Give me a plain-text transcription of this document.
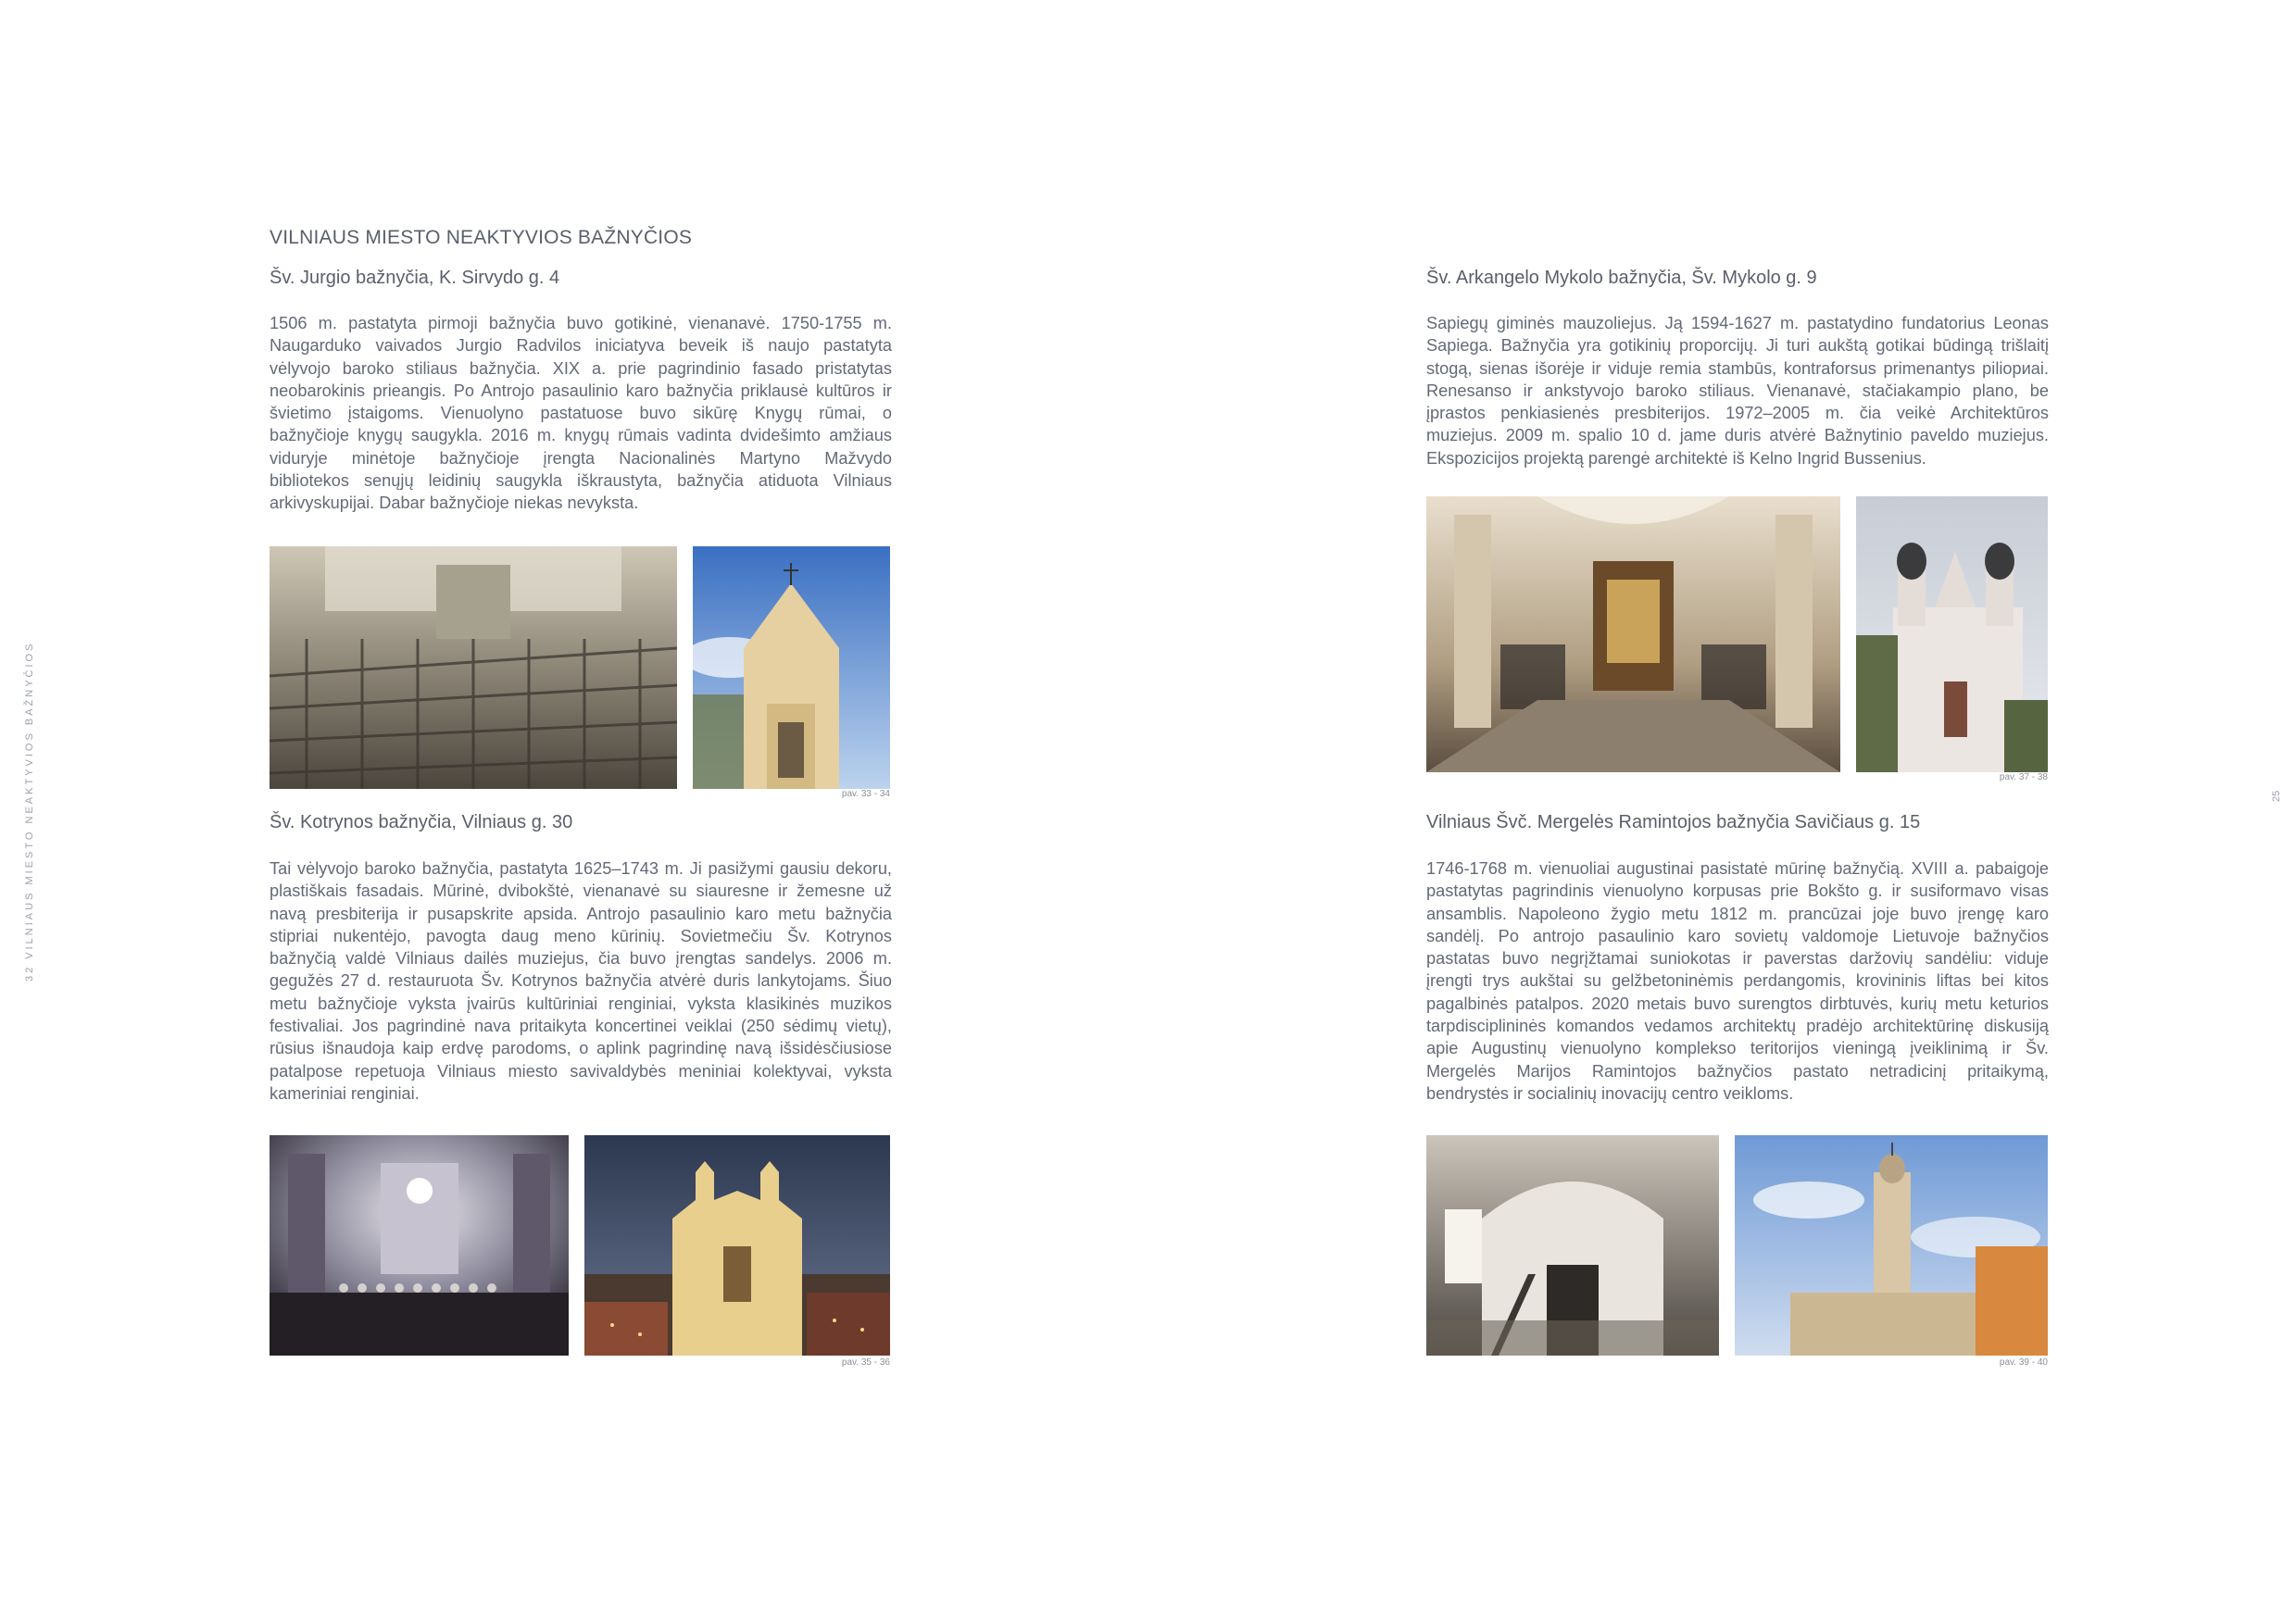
32 VILNIAUS MIESTO NEAKTYVIOS BAŽNYČIOS	25
VILNIAUS MIESTO NEAKTYVIOS BAŽNYČIOS
Šv. Jurgio bažnyčia, K. Sirvydo g. 4
1506 m. pastatyta pirmoji bažnyčia buvo gotikinė, vienanavė. 1750-1755 m.
Naugarduko vaivados Jurgio Radvilos iniciatyva beveik iš naujo pastatyta
vėlyvojo baroko stiliaus bažnyčia. XIX a. prie pagrindinio fasado pristatytas
neobarokinis prieangis. Po Antrojo pasaulinio karo bažnyčia priklausė kultūros ir
švietimo įstaigoms. Vienuolyno pastatuose buvo sikūrę Knygų rūmai, o
bažnyčioje knygų saugykla. 2016 m. knygų rūmais vadinta dvidešimto amžiaus
viduryje minėtoje bažnyčioje įrengta Nacionalinės Martyno Mažvydo
bibliotekos senųjų leidinių saugykla iškraustyta, bažnyčia atiduota Vilniaus
arkivyskupijai. Dabar bažnyčioje niekas nevyksta.
pav. 33 - 34
Šv. Kotrynos bažnyčia, Vilniaus g. 30
Tai vėlyvojo baroko bažnyčia, pastatyta 1625–1743 m. Ji pasižymi gausiu dekoru,
plastiškais fasadais. Mūrinė, dvibokštė, vienanavė su siauresne ir žemesne už
navą presbiterija ir pusapskrite apsida. Antrojo pasaulinio karo metu bažnyčia
stipriai nukentėjo, pavogta daug meno kūrinių. Sovietmečiu Šv. Kotrynos
bažnyčią valdė Vilniaus dailės muziejus, čia buvo įrengtas sandelys. 2006 m.
gegužės 27 d. restauruota Šv. Kotrynos bažnyčia atvėrė duris lankytojams. Šiuo
metu bažnyčioje vyksta įvairūs kultūriniai renginiai, vyksta klasikinės muzikos
festivaliai. Jos pagrindinė nava pritaikyta koncertinei veiklai (250 sėdimų vietų),
rūsius išnaudoja kaip erdvę parodoms, o aplink pagrindinę navą išsidėsčiusiose
patalpose repetuoja Vilniaus miesto savivaldybės meniniai kolektyvai, vyksta
kameriniai renginiai.
pav. 35 - 36
Šv. Arkangelo Mykolo bažnyčia, Šv. Mykolo g. 9
Sapiegų giminės mauzoliejus. Ją 1594-1627 m. pastatydino fundatorius Leonas
Sapiega. Bažnyčia yra gotikinių proporcijų. Ji turi aukštą gotikai būdingą trišlaitį
stogą, sienas išorėje ir viduje remia stambūs, kontraforsus primenantys piliориai.
Renesanso ir ankstyvojo baroko stiliaus. Vienanavė, stačiakampio plano, be
įprastos penkiasienės presbiterijos. 1972–2005 m. čia veikė Architektūros
muziejus. 2009 m. spalio 10 d. jame duris atvėrė Bažnytinio paveldo muziejus.
Ekspozicijos projektą parengė architektė iš Kelno Ingrid Bussenius.
pav. 37 - 38
Vilniaus Švč. Mergelės Ramintojos bažnyčia Savičiaus g. 15
1746-1768 m. vienuoliai augustinai pasistatė mūrinę bažnyčią. XVIII a. pabaigoje
pastatytas pagrindinis vienuolyno korpusas prie Bokšto g. ir susiformavo visas
ansamblis. Napoleono žygio metu 1812 m. prancūzai joje buvo įrengę karo
sandėlį. Po antrojo pasaulinio karo sovietų valdomoje Lietuvoje bažnyčios
pastatas buvo negrįžtamai suniokotas ir paverstas daržovių sandėliu: viduje
įrengti trys aukštai su gelžbetoninėmis perdangomis, krovininis liftas bei kitos
pagalbinės patalpos. 2020 metais buvo surengtos dirbtuvės, kurių metu keturios
tarpdisciplininės komandos vedamos architektų pradėjo architektūrinę diskusiją
apie Augustinų vienuolyno komplekso teritorijos vieningą įveiklinimą ir Šv.
Mergelės Marijos Ramintojos bažnyčios pastato netradicinį pritaikymą,
bendrystės ir socialinių inovacijų centro veikloms.
pav. 39 - 40
